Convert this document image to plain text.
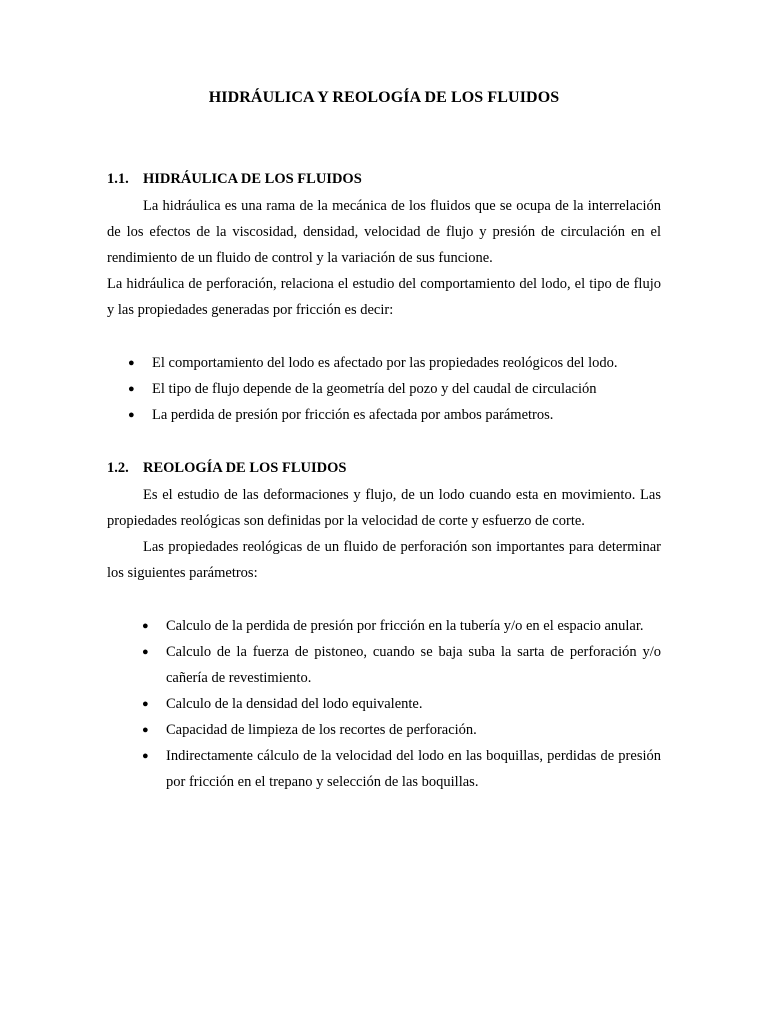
HIDRÁULICA Y REOLOGÍA DE LOS FLUIDOS
1.1. HIDRÁULICA DE LOS FLUIDOS

La hidráulica es una rama de la mecánica de los fluidos que se ocupa de la interrelación de los efectos de la viscosidad, densidad, velocidad de flujo y presión de circulación en el rendimiento de un fluido de control y la variación de sus funcione.

La hidráulica de perforación, relaciona el estudio del comportamiento del lodo, el tipo de flujo y las propiedades generadas por fricción es decir:

● El comportamiento del lodo es afectado por las propiedades reológicos del lodo.
● El tipo de flujo depende de la geometría del pozo y del caudal de circulación
● La perdida de presión por fricción es afectada por ambos parámetros.
1.2. REOLOGÍA DE LOS FLUIDOS

Es el estudio de las deformaciones y flujo, de un lodo cuando esta en movimiento. Las propiedades reológicas son definidas por la velocidad de corte y esfuerzo de corte.

Las propiedades reológicas de un fluido de perforación son importantes para determinar los siguientes parámetros:

● Calculo de la perdida de presión por fricción en la tubería y/o en el espacio anular.
● Calculo de la fuerza de pistoneo, cuando se baja suba la sarta de perforación y/o cañería de revestimiento.
● Calculo de la densidad del lodo equivalente.
● Capacidad de limpieza de los recortes de perforación.
● Indirectamente cálculo de la velocidad del lodo en las boquillas, perdidas de presión por fricción en el trepano y selección de las boquillas.
